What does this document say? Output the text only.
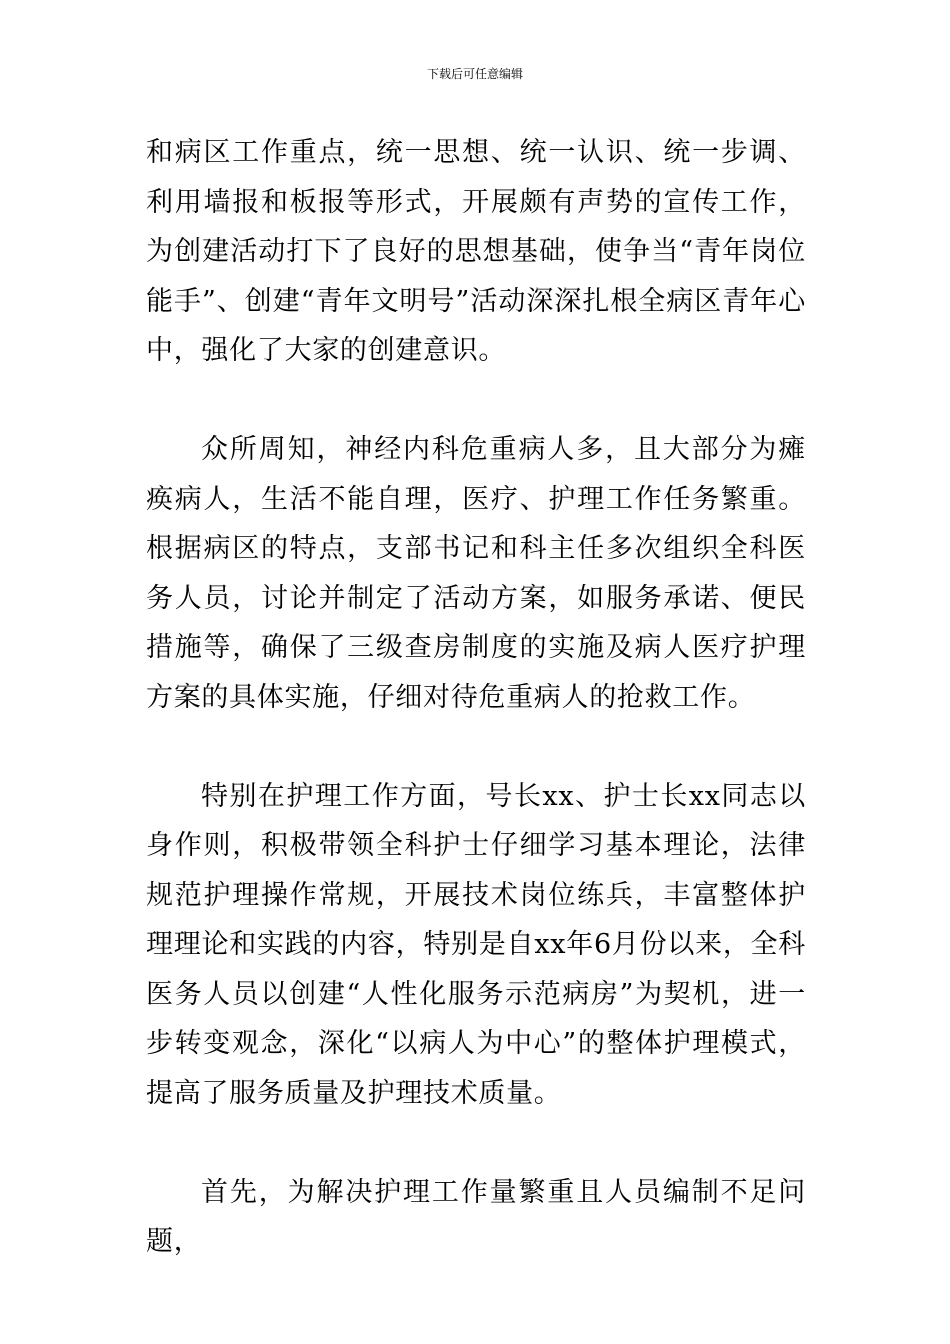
下载后可任意编辑

和病区工作重点，统一思想、统一认识、统一步调、利用墙报和板报等形式，开展颇有声势的宣传工作，为创建活动打下了良好的思想基础，使争当“青年岗位能手”、创建“青年文明号”活动深深扎根全病区青年心中，强化了大家的创建意识。

众所周知，神经内科危重病人多，且大部分为瘫痪病人，生活不能自理，医疗、护理工作任务繁重。根据病区的特点，支部书记和科主任多次组织全科医务人员，讨论并制定了活动方案，如服务承诺、便民措施等，确保了三级查房制度的实施及病人医疗护理方案的具体实施，仔细对待危重病人的抢救工作。

特别在护理工作方面，号长xx、护士长xx同志以身作则，积极带领全科护士仔细学习基本理论，法律规范护理操作常规，开展技术岗位练兵，丰富整体护理理论和实践的内容，特别是自xx年6月份以来，全科医务人员以创建“人性化服务示范病房”为契机，进一步转变观念，深化“以病人为中心”的整体护理模式，提高了服务质量及护理技术质量。

首先，为解决护理工作量繁重且人员编制不足问题，
